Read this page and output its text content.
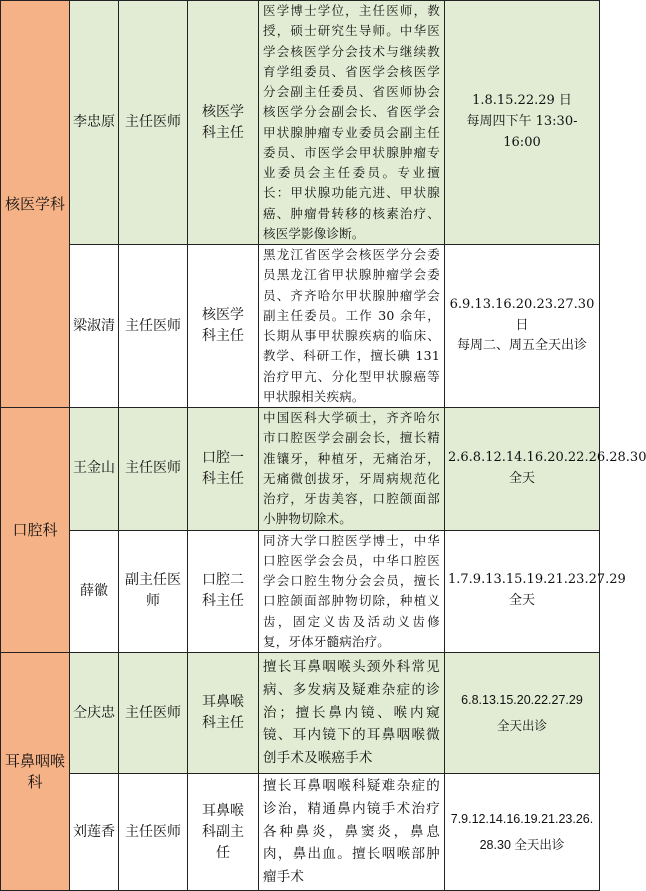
核医学科	李忠原	主任医师	核医学科主任	医学博士学位，主任医师，教授，硕士研究生导师。中华医学会核医学分会技术与继续教育学组委员、省医学会核医学分会副主任委员、省医师协会核医学分会副会长、省医学会甲状腺肿瘤专业委员会副主任委员、市医学会甲状腺肿瘤专业委员会主任委员。专业擅长：甲状腺功能亢进、甲状腺癌、肿瘤骨转移的核素治疗、核医学影像诊断。	1.8.15.22.29 日
每周四下午 13:30-16:00

	梁淑清	主任医师	核医学科主任	黑龙江省医学会核医学分会委员黑龙江省甲状腺肿瘤学会委员、齐齐哈尔甲状腺肿瘤学会副主任委员。工作 30 余年，长期从事甲状腺疾病的临床、教学、科研工作，擅长碘 131 治疗甲亢、分化型甲状腺癌等甲状腺相关疾病。	6.9.13.16.20.23.27.30 日
每周二、周五全天出诊

口腔科	王金山	主任医师	口腔一科主任	中国医科大学硕士，齐齐哈尔市口腔医学会副会长，擅长精准镶牙，种植牙，无痛治牙，无痛微创拔牙，牙周病规范化治疗，牙齿美容，口腔颌面部小肿物切除术。	2.6.8.12.14.16.20.22.26.28.30 全天

	薛徽	副主任医师	口腔二科主任	同济大学口腔医学博士，中华口腔医学会会员，中华口腔医学会口腔生物分会会员，擅长口腔颌面部肿物切除，种植义齿，固定义齿及活动义齿修复，牙体牙髓病治疗。	1.7.9.13.15.19.21.23.27.29 全天

耳鼻咽喉科	仝庆忠	主任医师	耳鼻喉科主任	擅长耳鼻咽喉头颈外科常见病、多发病及疑难杂症的诊治；擅长鼻内镜、喉内窥镜、耳内镜下的耳鼻咽喉微创手术及喉癌手术	6.8.13.15.20.22.27.29
全天出诊

	刘莲香	主任医师	耳鼻喉科副主任	擅长耳鼻咽喉科疑难杂症的诊治，精通鼻内镜手术治疗各种鼻炎，鼻窦炎，鼻息肉，鼻出血。擅长咽喉部肿瘤手术	7.9.12.14.16.19.21.23.26.
28.30 全天出诊
